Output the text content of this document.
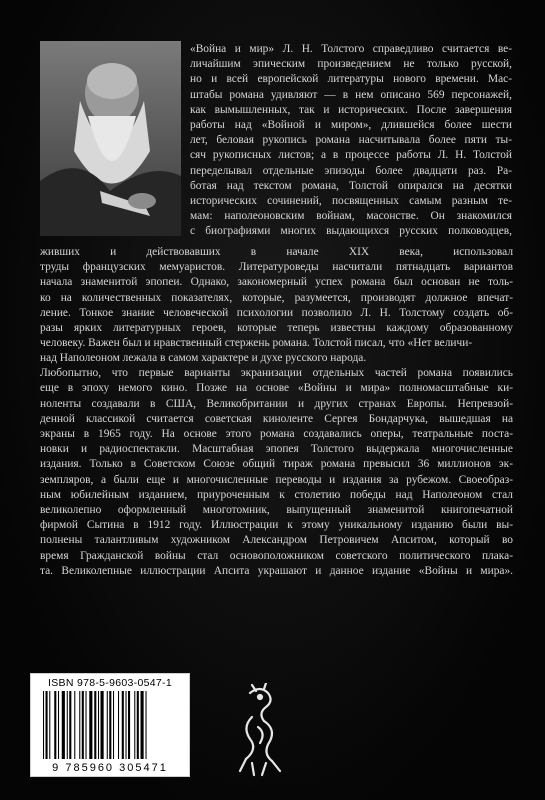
«Война и мир» Л. Н. Толстого справедливо считается ве-
личайшим эпическим произведением не только русской,
но и всей европейской литературы нового времени. Мас-
штабы романа удивляют — в нем описано 569 персонажей,
как вымышленных, так и исторических. После завершения
работы над «Войной и миром», длившейся более шести
лет, беловая рукопись романа насчитывала более пяти ты-
сяч рукописных листов; а в процессе работы Л. Н. Толстой
переделывал отдельные эпизоды более двадцати раз. Ра-
ботая над текстом романа, Толстой опирался на десятки
исторических сочинений, посвященных самым разным те-
мам: наполеоновским войнам, масонстве. Он знакомился
с биографиями многих выдающихся русских полководцев,
живших и действовавших в начале XIX века, использовал
труды французских мемуаристов. Литературоведы насчитали пятнадцать вариантов
начала знаменитой эпопеи. Однако, закономерный успех романа был основан не толь-
ко на количественных показателях, которые, разумеется, производят должное впечат-
ление. Тонкое знание человеческой психологии позволило Л. Н. Толстому создать об-
разы ярких литературных героев, которые теперь известны каждому образованному
человеку. Важен был и нравственный стержень романа. Толстой писал, что «Нет величи-
над Наполеоном лежала в самом характере и духе русского народа.
Любопытно, что первые варианты экранизации отдельных частей романа появились
еще в эпоху немого кино. Позже на основе «Войны и мира» полномасштабные ки-
ноленты создавали в США, Великобритании и других странах Европы. Непревзой-
денной классикой считается советская киноленте Сергея Бондарчука, вышедшая на
экраны в 1965 году. На основе этого романа создавались оперы, театральные поста-
новки и радиоспектакли. Масштабная эпопея Толстого выдержала многочисленные
издания. Только в Советском Союзе общий тираж романа превысил 36 миллионов эк-
земпляров, а были еще и многочисленные переводы и издания за рубежом. Своеобраз-
ным юбилейным изданием, приуроченным к столетию победы над Наполеоном стал
великолепно оформленный многотомник, выпущенный знаменитой книгопечатной
фирмой Сытина в 1912 году. Иллюстрации к этому уникальному изданию были вы-
полнены талантливым художником Александром Петровичем Апситом, который во
время Гражданской войны стал основоположником советского политического плака-
та. Великолепные иллюстрации Апсита украшают и данное издание «Войны и мира».
ISBN 978-5-9603-0547-1
9 785960 305471
